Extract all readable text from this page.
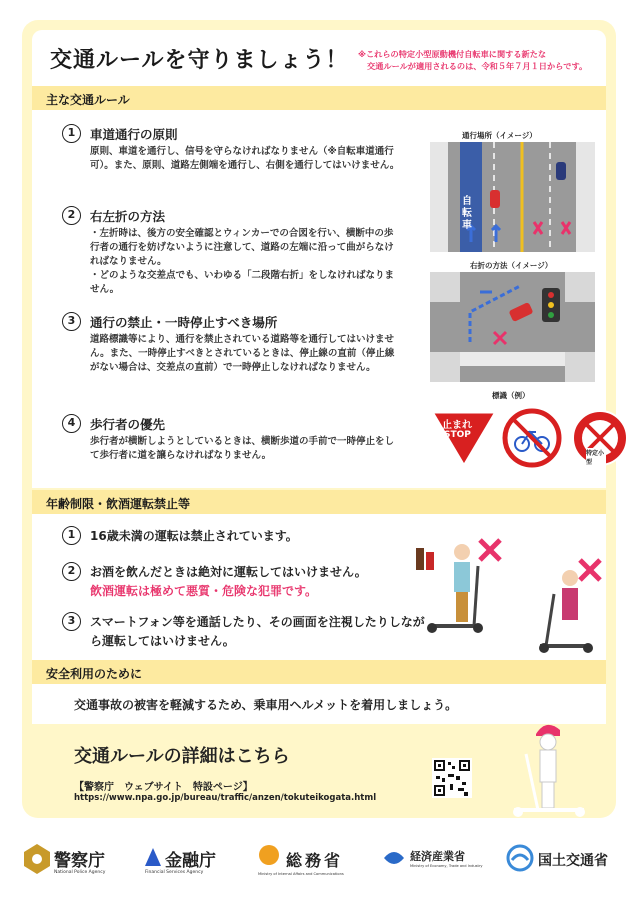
交通ルールを守りましょう！ ※これらの特定小型原動機付自転車に関する新たな
交通ルールが適用されるのは、令和５年７月１日からです。
主な交通ルール
1	車道通行の原則
原則、車道を通行し、信号を守らなければなりません（※自転車道通行可）。また、原則、道路左側端を通行し、右側を通行してはいけません。
2	右左折の方法
・左折時は、後方の安全確認とウィンカーでの合図を行い、横断中の歩行者の通行を妨げないように注意して、道路の左端に沿って曲がらなければなりません。
・どのような交差点でも、いわゆる「二段階右折」をしなければなりません。
3	通行の禁止・一時停止すべき場所
道路標識等により、通行を禁止されている道路等を通行してはいけません。また、一時停止すべきとされているときは、停止線の直前（停止線がない場合は、交差点の直前）で一時停止しなければなりません。
4	歩行者の優先
歩行者が横断しようとしているときは、横断歩道の手前で一時停止をして歩行者に道を譲らなければなりません。
通行場所（イメージ）
自転車
右折の方法（イメージ）
標識（例）
止まれ
STOP
特定小型
年齢制限・飲酒運転禁止等
1	16歳未満の運転は禁止されています。
2	お酒を飲んだときは絶対に運転してはいけません。
飲酒運転は極めて悪質・危険な犯罪です。
3	スマートフォン等を通話したり、その画面を注視したりしながら運転してはいけません。
安全利用のために
交通事故の被害を軽減するため、乗車用ヘルメットを着用しましょう。
交通ルールの詳細はこちら
【警察庁　ウェブサイト　特設ページ】
https://www.npa.go.jp/bureau/traffic/anzen/tokuteikogata.html
警察庁
National Police Agency
金融庁
Financial Services Agency
総務省
Ministry of Internal Affairs and Communications
経済産業省
Ministry of Economy, Trade and Industry	国土交通省
